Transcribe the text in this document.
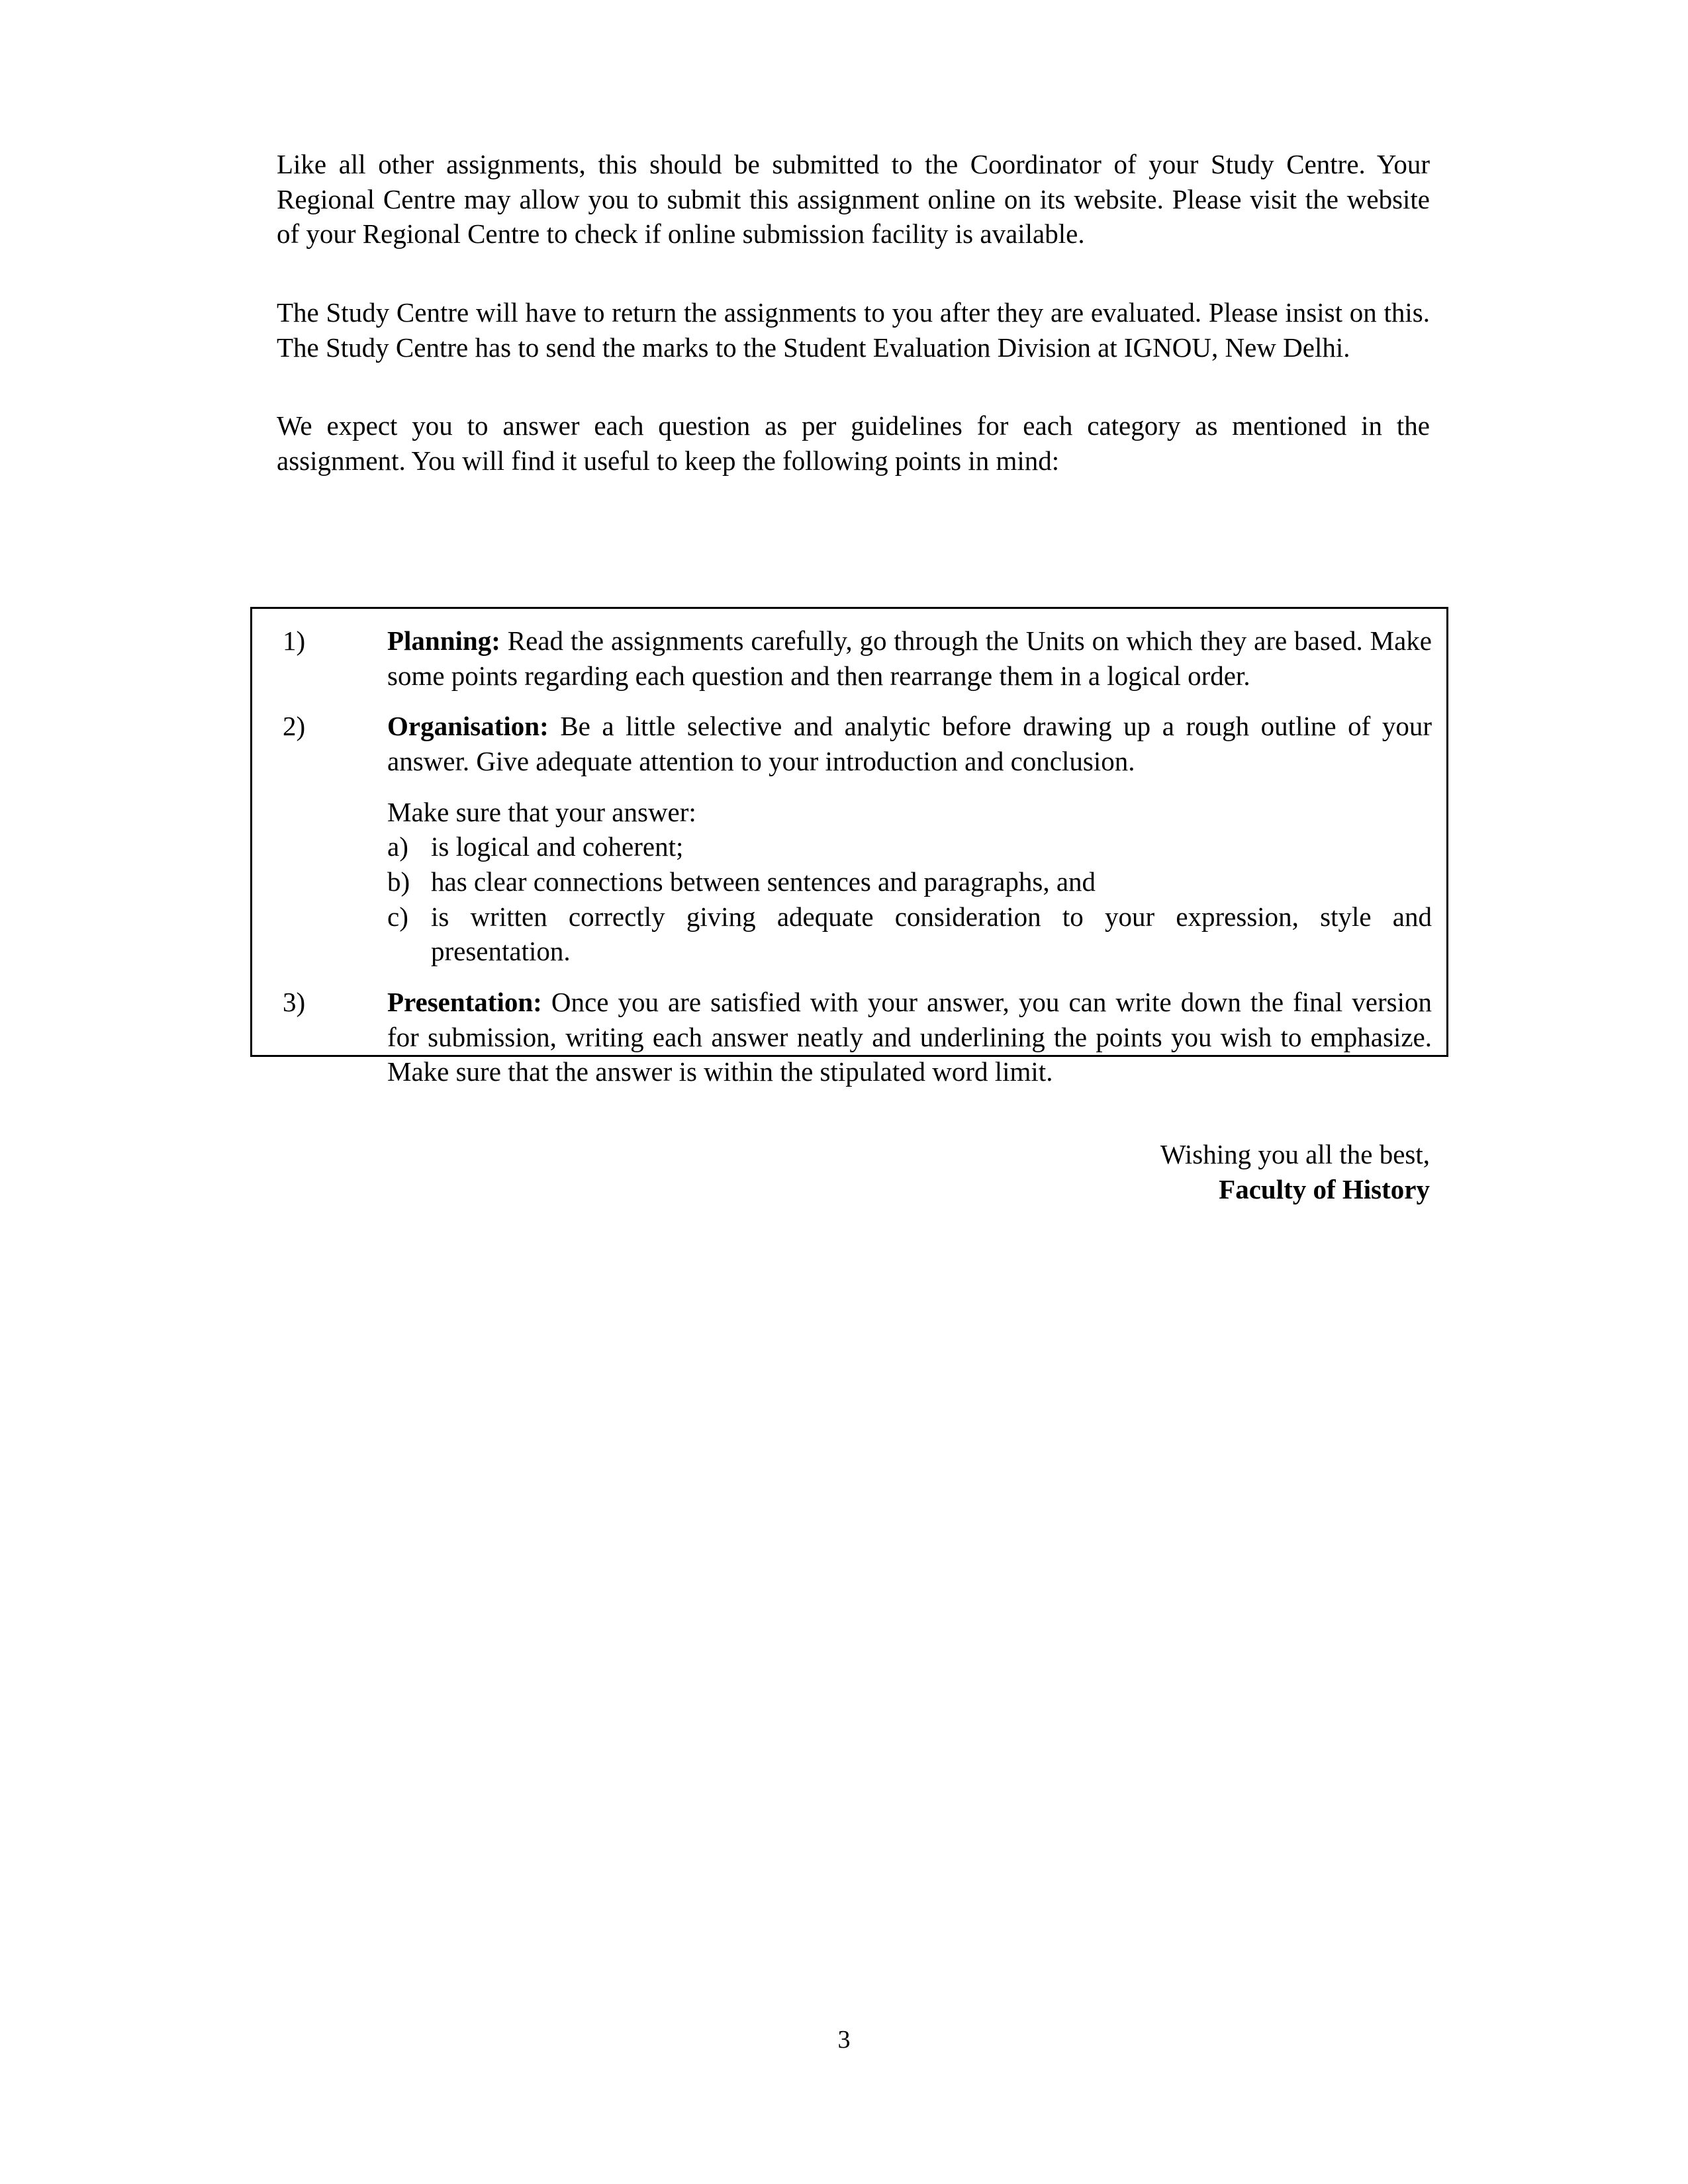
Like all other assignments, this should be submitted to the Coordinator of your Study Centre. Your Regional Centre may allow you to submit this assignment online on its website. Please visit the website of your Regional Centre to check if online submission facility is available.

The Study Centre will have to return the assignments to you after they are evaluated. Please insist on this. The Study Centre has to send the marks to the Student Evaluation Division at IGNOU, New Delhi.

We expect you to answer each question as per guidelines for each category as mentioned in the assignment. You will find it useful to keep the following points in mind:

1)	Planning: Read the assignments carefully, go through the Units on which they are based. Make some points regarding each question and then rearrange them in a logical order.
2)	Organisation: Be a little selective and analytic before drawing up a rough outline of your answer. Give adequate attention to your introduction and conclusion.
Make sure that your answer:
a) is logical and coherent;
b) has clear connections between sentences and paragraphs, and
c) is written correctly giving adequate consideration to your expression, style and presentation.
3)	Presentation: Once you are satisfied with your answer, you can write down the final version for submission, writing each answer neatly and underlining the points you wish to emphasize. Make sure that the answer is within the stipulated word limit.
Wishing you all the best,
Faculty of History
3
